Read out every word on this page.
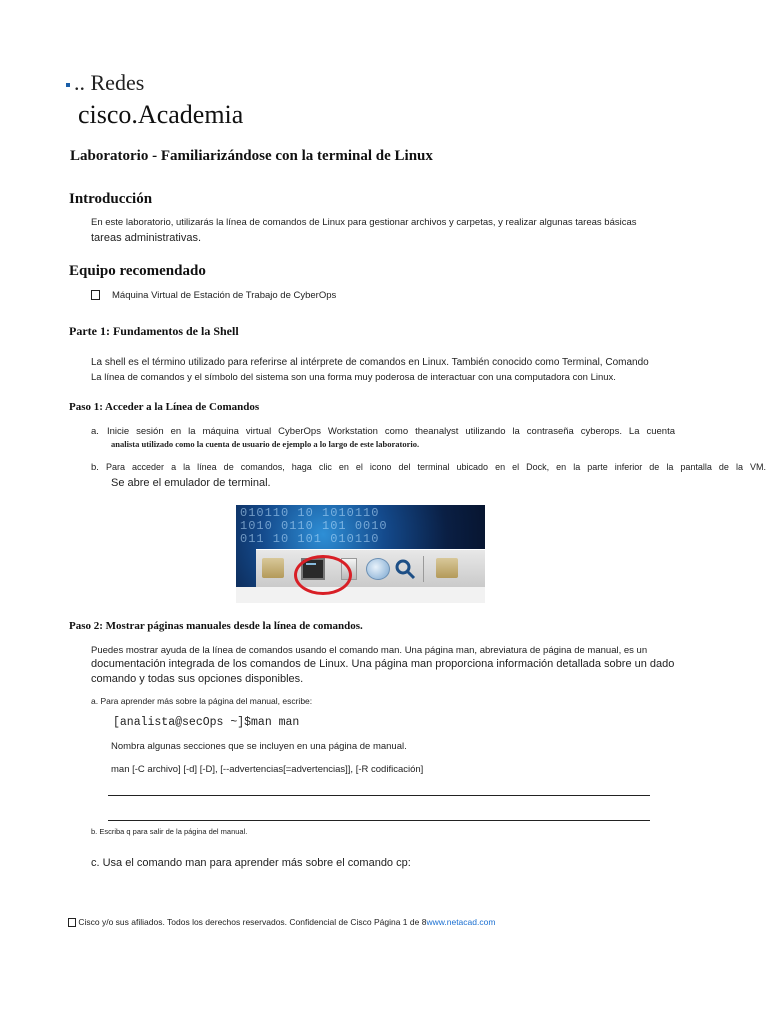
.. Redes
cisco.Academia
Laboratorio - Familiarizándose con la terminal de Linux
Introducción
En este laboratorio, utilizarás la línea de comandos de Linux para gestionar archivos y carpetas, y realizar algunas tareas básicas
tareas administrativas.
Equipo recomendado
Máquina Virtual de Estación de Trabajo de CyberOps
Parte 1: Fundamentos de la Shell
La shell es el término utilizado para referirse al intérprete de comandos en Linux. También conocido como Terminal, Comando
La línea de comandos y el símbolo del sistema son una forma muy poderosa de interactuar con una computadora con Linux.
Paso 1: Acceder a la Línea de Comandos
a. Inicie sesión en la máquina virtual CyberOps Workstation como theanalyst utilizando la contraseña cyberops. La cuenta
analista utilizado como la cuenta de usuario de ejemplo a lo largo de este laboratorio.
b. Para acceder a la línea de comandos, haga clic en el icono del terminal ubicado en el Dock, en la parte inferior de la pantalla de la VM.
Se abre el emulador de terminal.
010110 10 1010110
1010 0110 101 0010
011 10 101 010110
Paso 2: Mostrar páginas manuales desde la línea de comandos.
Puedes mostrar ayuda de la línea de comandos usando el comando man. Una página man, abreviatura de página de manual, es un
documentación integrada de los comandos de Linux. Una página man proporciona información detallada sobre un dado
comando y todas sus opciones disponibles.
a. Para aprender más sobre la página del manual, escribe:
[analista@secOps ~]$man man
Nombra algunas secciones que se incluyen en una página de manual.
man [-C archivo] [-d] [-D], [--advertencias[=advertencias]], [-R codificación]
b. Escriba q para salir de la página del manual.
c. Usa el comando man para aprender más sobre el comando cp:
Cisco y/o sus afiliados. Todos los derechos reservados. Confidencial de Cisco Página 1 de 8www.netacad.com
